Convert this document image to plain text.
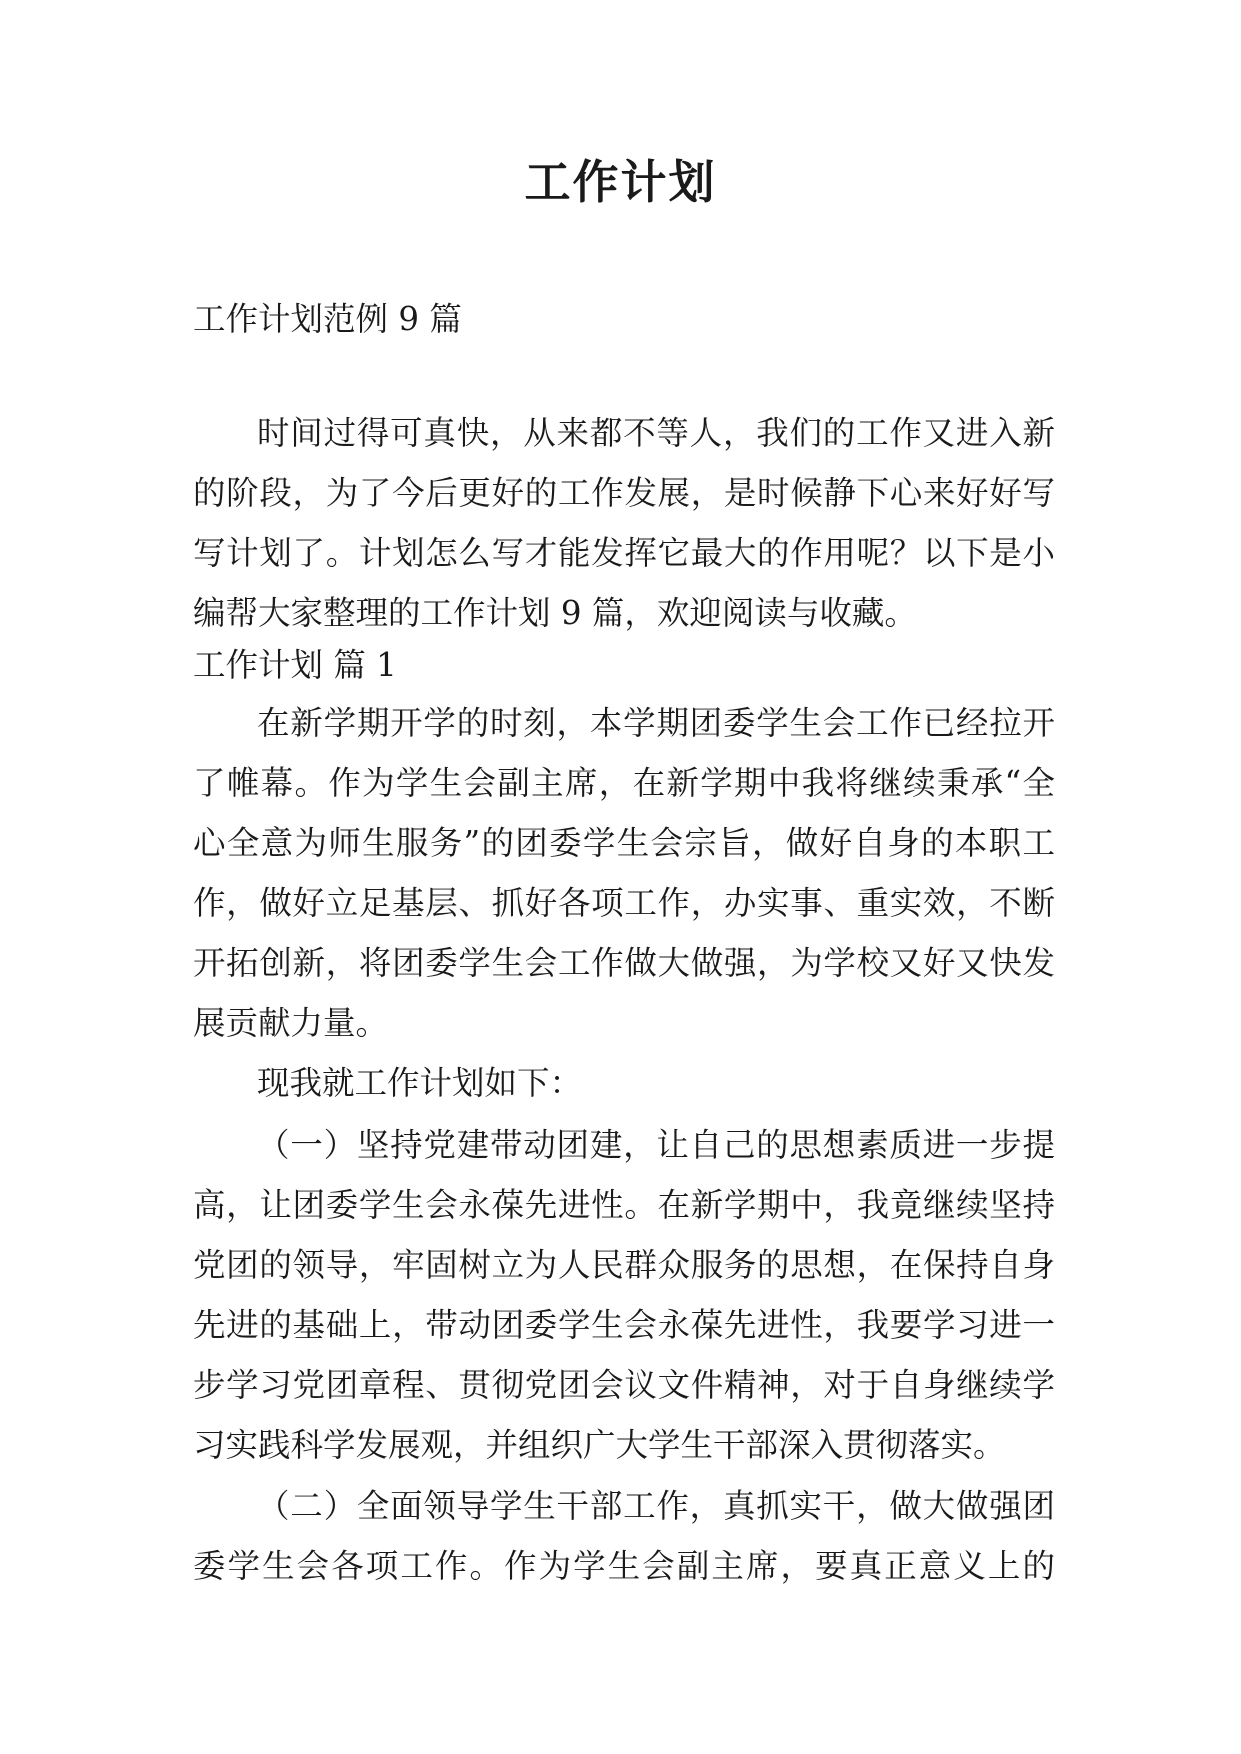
工作计划

工作计划范例 9 篇

时间过得可真快，从来都不等人，我们的工作又进入新

的阶段，为了今后更好的工作发展，是时候静下心来好好写

写计划了。计划怎么写才能发挥它最大的作用呢？以下是小

编帮大家整理的工作计划 9 篇，欢迎阅读与收藏。

工作计划 篇 1

在新学期开学的时刻，本学期团委学生会工作已经拉开

了帷幕。作为学生会副主席，在新学期中我将继续秉承“全

心全意为师生服务”的团委学生会宗旨，做好自身的本职工

作，做好立足基层、抓好各项工作，办实事、重实效，不断

开拓创新，将团委学生会工作做大做强，为学校又好又快发

展贡献力量。

现我就工作计划如下：

（一）坚持党建带动团建，让自己的思想素质进一步提

高，让团委学生会永葆先进性。在新学期中，我竟继续坚持

党团的领导，牢固树立为人民群众服务的思想，在保持自身

先进的基础上，带动团委学生会永葆先进性，我要学习进一

步学习党团章程、贯彻党团会议文件精神，对于自身继续学

习实践科学发展观，并组织广大学生干部深入贯彻落实。

（二）全面领导学生干部工作，真抓实干，做大做强团

委学生会各项工作。作为学生会副主席，要真正意义上的
